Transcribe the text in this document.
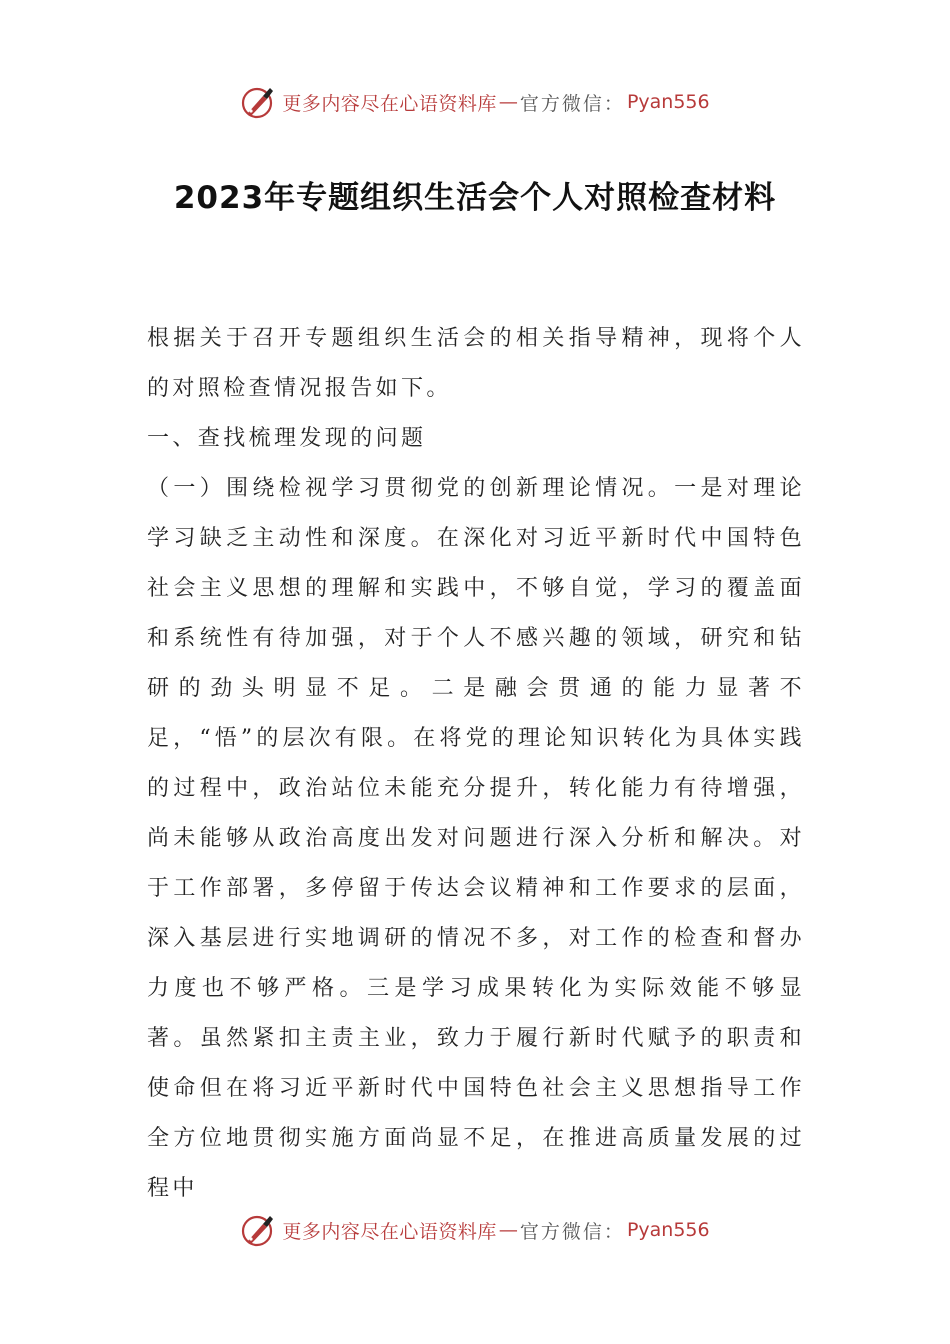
更多内容尽在心语资料库 — 官方微信： Pyan556
2023年专题组织生活会个人对照检查材料

根据关于召开专题组织生活会的相关指导精神，现将个人的对照检查情况报告如下。

一、查找梳理发现的问题

（一）围绕检视学习贯彻党的创新理论情况。一是对理论学习缺乏主动性和深度。在深化对习近平新时代中国特色社会主义思想的理解和实践中，不够自觉，学习的覆盖面和系统性有待加强，对于个人不感兴趣的领域，研究和钻研的劲头明显不足。二是融会贯通的能力显著不足，“悟”的层次有限。在将党的理论知识转化为具体实践的过程中，政治站位未能充分提升，转化能力有待增强，尚未能够从政治高度出发对问题进行深入分析和解决。对于工作部署，多停留于传达会议精神和工作要求的层面，深入基层进行实地调研的情况不多，对工作的检查和督办力度也不够严格。三是学习成果转化为实际效能不够显著。虽然紧扣主责主业，致力于履行新时代赋予的职责和使命但在将习近平新时代中国特色社会主义思想指导工作全方位地贯彻实施方面尚显不足，在推进高质量发展的过程中

更多内容尽在心语资料库 — 官方微信： Pyan556
